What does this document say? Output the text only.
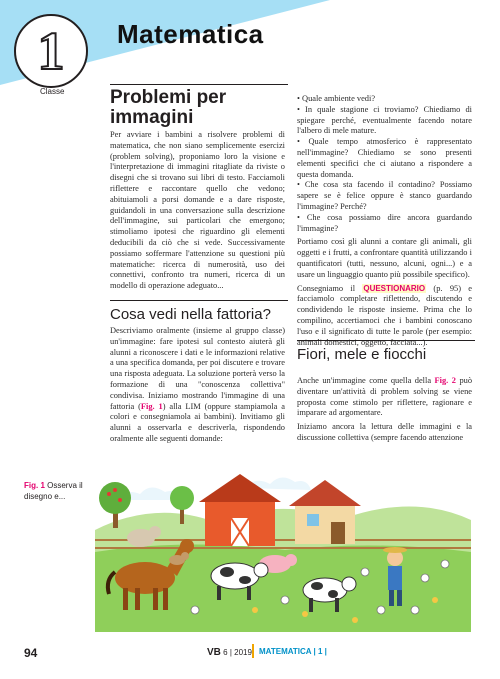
1
Classe
Matematica
Problemi per immagini

Per avviare i bambini a risolvere problemi di matematica, che non siano semplicemente esercizi (problem solving), proponiamo loro la visione e l'interpretazione di immagini ritagliate da riviste o disegni che si trovano sui libri di testo. Facciamoli riflettere e raccontare quello che vedono; abituiamoli a porsi domande e a dare risposte, guidandoli in una conversazione sulla descrizione dell'immagine, sui particolari che emergono; stimoliamo ipotesi che riguardino gli elementi deducibili da ciò che si vede. Successivamente possiamo soffermare l'attenzione su questioni più matematiche: ricerca di numerosità, uso dei connettivi, confronto tra numeri, ricerca di un modello di operazione adeguato...

Cosa vedi nella fattoria?

Descriviamo oralmente (insieme al gruppo classe) un'immagine: fare ipotesi sul contesto aiuterà gli alunni a riconoscere i dati e le informazioni relative a una specifica domanda, per poi discutere e trovare una risposta adeguata. La soluzione porterà verso la formazione di una "conoscenza collettiva" condivisa. Iniziamo mostrando l'immagine di una fattoria (Fig. 1) alla LIM (oppure stampiamola a colori e consegniamola ai bambini). Invitiamo gli alunni a osservarla e descriverla, rispondendo oralmente alle seguenti domande:

• Quale ambiente vedi?

• In quale stagione ci troviamo? Chiediamo di spiegare perché, eventualmente facendo notare l'albero di mele mature.

• Quale tempo atmosferico è rappresentato nell'immagine? Chiediamo se sono presenti elementi specifici che ci aiutano a rispondere a questa domanda.

• Che cosa sta facendo il contadino? Possiamo sapere se è felice oppure è stanco guardando l'immagine? Perché?

• Che cosa possiamo dire ancora guardando l'immagine?

Portiamo così gli alunni a contare gli animali, gli oggetti e i frutti, a confrontare quantità utilizzando i quantificatori (tutti, nessuno, alcuni, ogni...) e a usare un linguaggio quanto più possibile specifico).

Consegniamo il QUESTIONARIO (p. 95) e facciamolo completare riflettendo, discutendo e condividendo le risposte insieme. Prima che lo compilino, accertiamoci che i bambini conoscano l'uso e il significato di tutte le parole (per esempio: animali domestici, oggetto, facciata...).

Fiori, mele e fiocchi

Anche un'immagine come quella della Fig. 2 può diventare un'attività di problem solving se viene proposta come stimolo per riflettere, ragionare e imparare ad argomentare.

Iniziamo ancora la lettura delle immagini e la discussione collettiva (sempre facendo attenzione

Fig. 1 Osserva il disegno e...
94	VB 6 | 2019 MATEMATICA | 1 |
